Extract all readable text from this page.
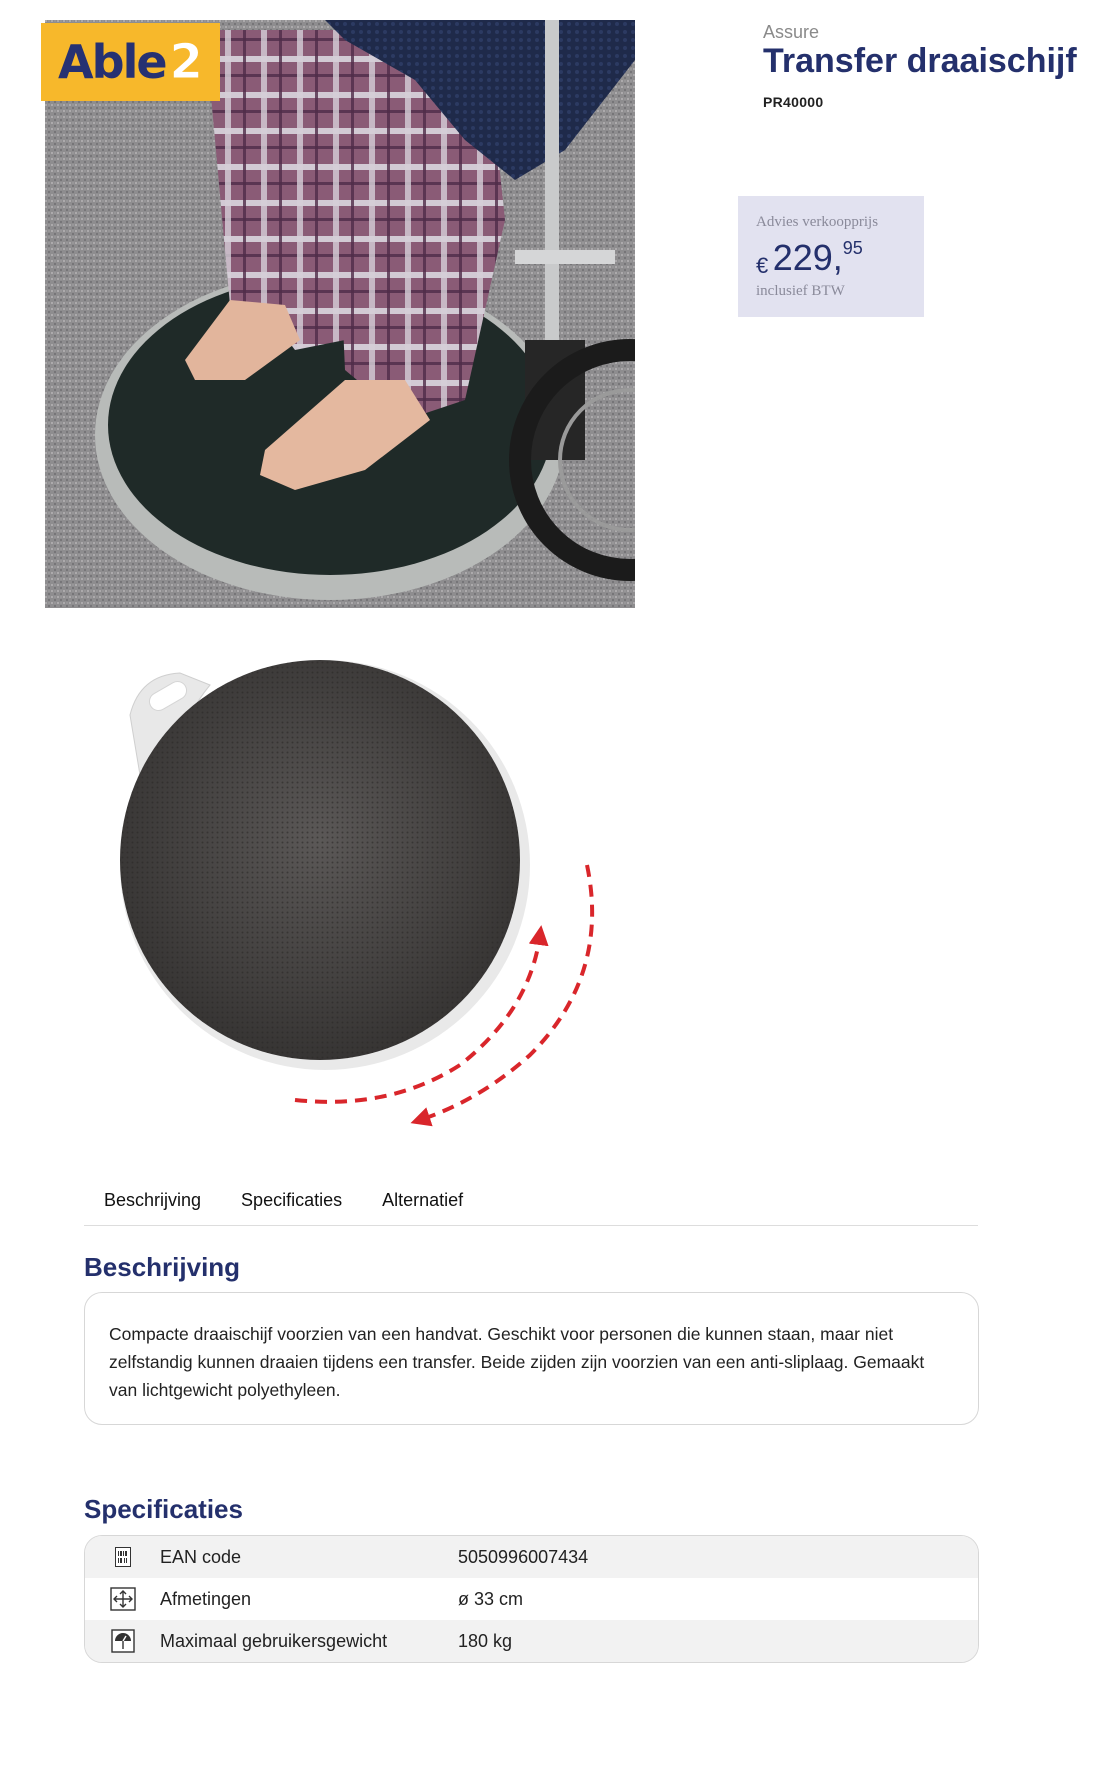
Able 2
Assure
Transfer draaischijf
PR40000
Advies verkoopprijs
€ 229,95
inclusief BTW
Beschrijving	Specificaties	Alternatief
Beschrijving

Compacte draaischijf voorzien van een handvat. Geschikt voor personen die kunnen staan, maar niet zelfstandig kunnen draaien tijdens een transfer. Beide zijden zijn voorzien van een anti-sliplaag. Gemaakt van lichtgewicht polyethyleen.

Specificaties
EAN code	5050996007434
Afmetingen	ø 33 cm
Maximaal gebruikersgewicht	180 kg
